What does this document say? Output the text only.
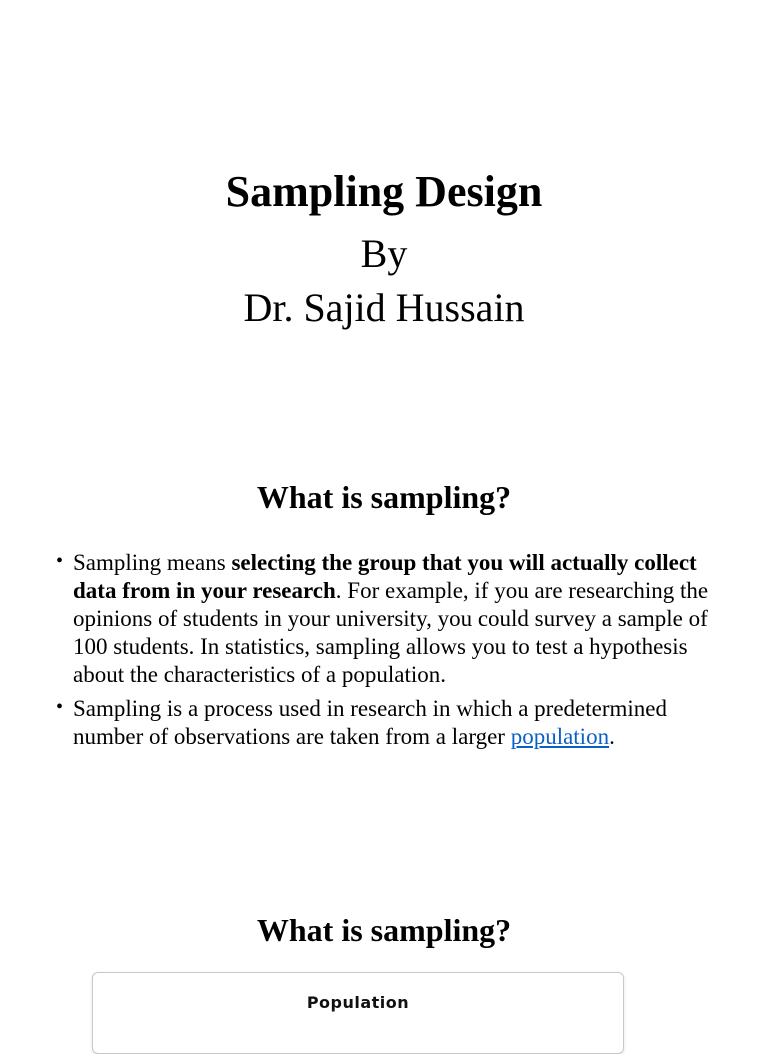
Sampling Design
By
Dr. Sajid Hussain
What is sampling?
• Sampling means selecting the group that you will actually collect data from in your research. For example, if you are researching the opinions of students in your university, you could survey a sample of 100 students. In statistics, sampling allows you to test a hypothesis about the characteristics of a population.
• Sampling is a process used in research in which a predetermined number of observations are taken from a larger population.
What is sampling?
Population
